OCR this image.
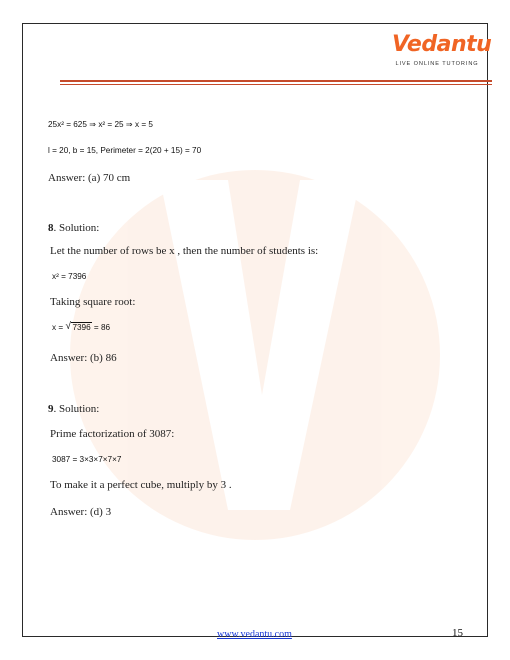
Vedantu
LIVE ONLINE TUTORING
25x² = 625 ⇒ x² = 25 ⇒ x = 5
l = 20, b = 15, Perimeter = 2(20 + 15) = 70
Answer: (a) 70 cm
8. Solution:
Let the number of rows be x , then the number of students is:
x² = 7396
Taking square root:
x = √ 7396 = 86
Answer: (b) 86
9. Solution:
Prime factorization of 3087:
3087 = 3×3×7×7×7
To make it a perfect cube, multiply by 3 .
Answer: (d) 3
www.vedantu.com	15
